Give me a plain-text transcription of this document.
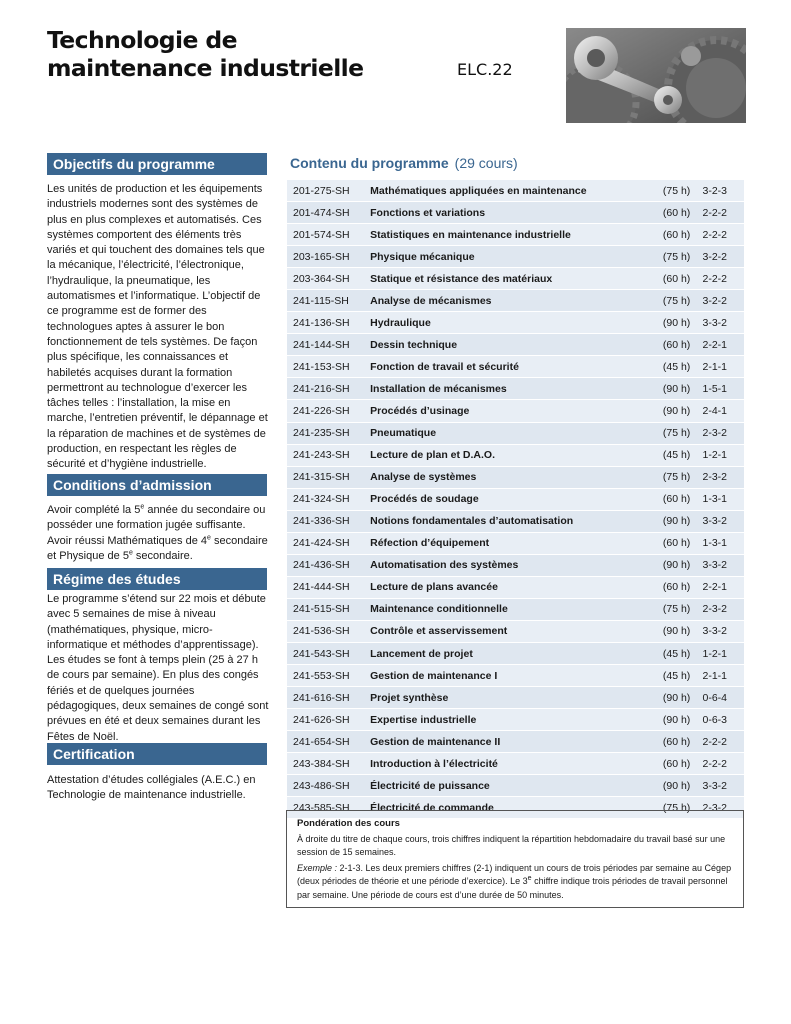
Technologie de
maintenance industrielle	ELC.22
Objectifs du programme

Les unités de production et les équipements industriels modernes sont des systèmes de plus en plus complexes et automatisés. Ces systèmes comportent des éléments très variés et qui touchent des domaines tels que la mécanique, l’électricité, l’électronique, l’hydraulique, la pneumatique, les automatismes et l’informatique. L’objectif de ce programme est de former des technologues aptes à assurer le bon fonctionnement de tels systèmes. De façon plus spécifique, les connaissances et habiletés acquises durant la formation permettront au technologue d’exercer les tâches telles : l’installation, la mise en marche, l’entretien préventif, le dépannage et la réparation de machines et de systèmes de production, en respectant les règles de sécurité et d’hygiène industrielle.

Conditions d’admission

Avoir complété la 5e année du secondaire ou posséder une formation jugée suffisante.

Avoir réussi Mathématiques de 4e secondaire et Physique de 5e secondaire.

Régime des études

Le programme s’étend sur 22 mois et débute avec 5 semaines de mise à niveau (mathématiques, physique, micro-informatique et méthodes d’apprentissage). Les études se font à temps plein (25 à 27 h de cours par semaine). En plus des congés fériés et de quelques journées pédagogiques, deux semaines de congé sont prévues en été et deux semaines durant les Fêtes de Noël.

Certification

Attestation d’études collégiales (A.E.C.) en Technologie de maintenance industrielle.

Contenu du programme (29 cours)
201-275-SH	Mathématiques appliquées en maintenance	(75 h)	3-2-3
201-474-SH	Fonctions et variations	(60 h)	2-2-2
201-574-SH	Statistiques en maintenance industrielle	(60 h)	2-2-2
203-165-SH	Physique mécanique	(75 h)	3-2-2
203-364-SH	Statique et résistance des matériaux	(60 h)	2-2-2
241-115-SH	Analyse de mécanismes	(75 h)	3-2-2
241-136-SH	Hydraulique	(90 h)	3-3-2
241-144-SH	Dessin technique	(60 h)	2-2-1
241-153-SH	Fonction de travail et sécurité	(45 h)	2-1-1
241-216-SH	Installation de mécanismes	(90 h)	1-5-1
241-226-SH	Procédés d’usinage	(90 h)	2-4-1
241-235-SH	Pneumatique	(75 h)	2-3-2
241-243-SH	Lecture de plan et D.A.O.	(45 h)	1-2-1
241-315-SH	Analyse de systèmes	(75 h)	2-3-2
241-324-SH	Procédés de soudage	(60 h)	1-3-1
241-336-SH	Notions fondamentales d’automatisation	(90 h)	3-3-2
241-424-SH	Réfection d’équipement	(60 h)	1-3-1
241-436-SH	Automatisation des systèmes	(90 h)	3-3-2
241-444-SH	Lecture de plans avancée	(60 h)	2-2-1
241-515-SH	Maintenance conditionnelle	(75 h)	2-3-2
241-536-SH	Contrôle et asservissement	(90 h)	3-3-2
241-543-SH	Lancement de projet	(45 h)	1-2-1
241-553-SH	Gestion de maintenance I	(45 h)	2-1-1
241-616-SH	Projet synthèse	(90 h)	0-6-4
241-626-SH	Expertise industrielle	(90 h)	0-6-3
241-654-SH	Gestion de maintenance II	(60 h)	2-2-2
243-384-SH	Introduction à l’électricité	(60 h)	2-2-2
243-486-SH	Électricité de puissance	(90 h)	3-3-2
243-585-SH	Électricité de commande	(75 h)	2-3-2
Pondération des cours

À droite du titre de chaque cours, trois chiffres indiquent la répartition hebdomadaire du travail basé sur une session de 15 semaines.

Exemple : 2-1-3. Les deux premiers chiffres (2-1) indiquent un cours de trois périodes par semaine au Cégep (deux périodes de théorie et une période d’exercice). Le 3e chiffre indique trois périodes de travail personnel par semaine. Une période de cours est d’une durée de 50 minutes.
